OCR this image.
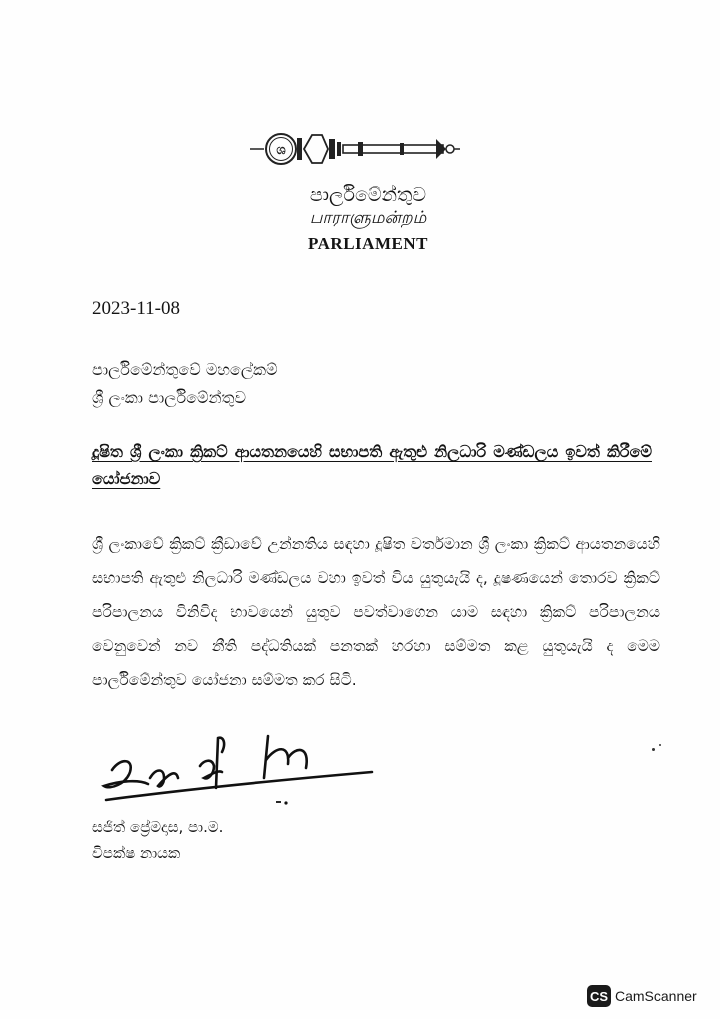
ශ
පාර්ලිමේන්තුව
பாராளுமன்றம்
PARLIAMENT
2023-11-08
පාර්ලිමේන්තුවේ මහලේකම්
ශ්‍රී ලංකා පාර්ලිමේන්තුව
දූෂිත ශ්‍රී ලංකා ක්‍රිකට් ආයතනයෙහි සභාපති ඇතුළු නිලධාරි මණ්ඩලය ඉවත් කිරීමේ යෝජනාව
ශ්‍රී ලංකාවේ ක්‍රිකට් ක්‍රීඩාවේ උන්නතිය සඳහා දූෂිත වර්තමාන ශ්‍රී ලංකා ක්‍රිකට් ආයතනයෙහි සභාපති ඇතුළු නිලධාරි මණ්ඩලය වහා ඉවත් විය යුතුයැයි ද, දූෂණයෙන් තොරව ක්‍රිකට් පරිපාලනය විනිවිද භාවයෙන් යුතුව පවත්වාගෙන යාම සඳහා ක්‍රිකට් පරිපාලනය වෙනුවෙන් නව නීති පද්ධතියක් පනතක් හරහා සම්මත කළ යුතුයැයි ද මෙම පාර්ලිමේන්තුව යෝජනා සම්මත කර සිටි.
සජිත් ප්‍රේමදාස, පා.ම.
විපක්ෂ නායක
CS CamScanner
